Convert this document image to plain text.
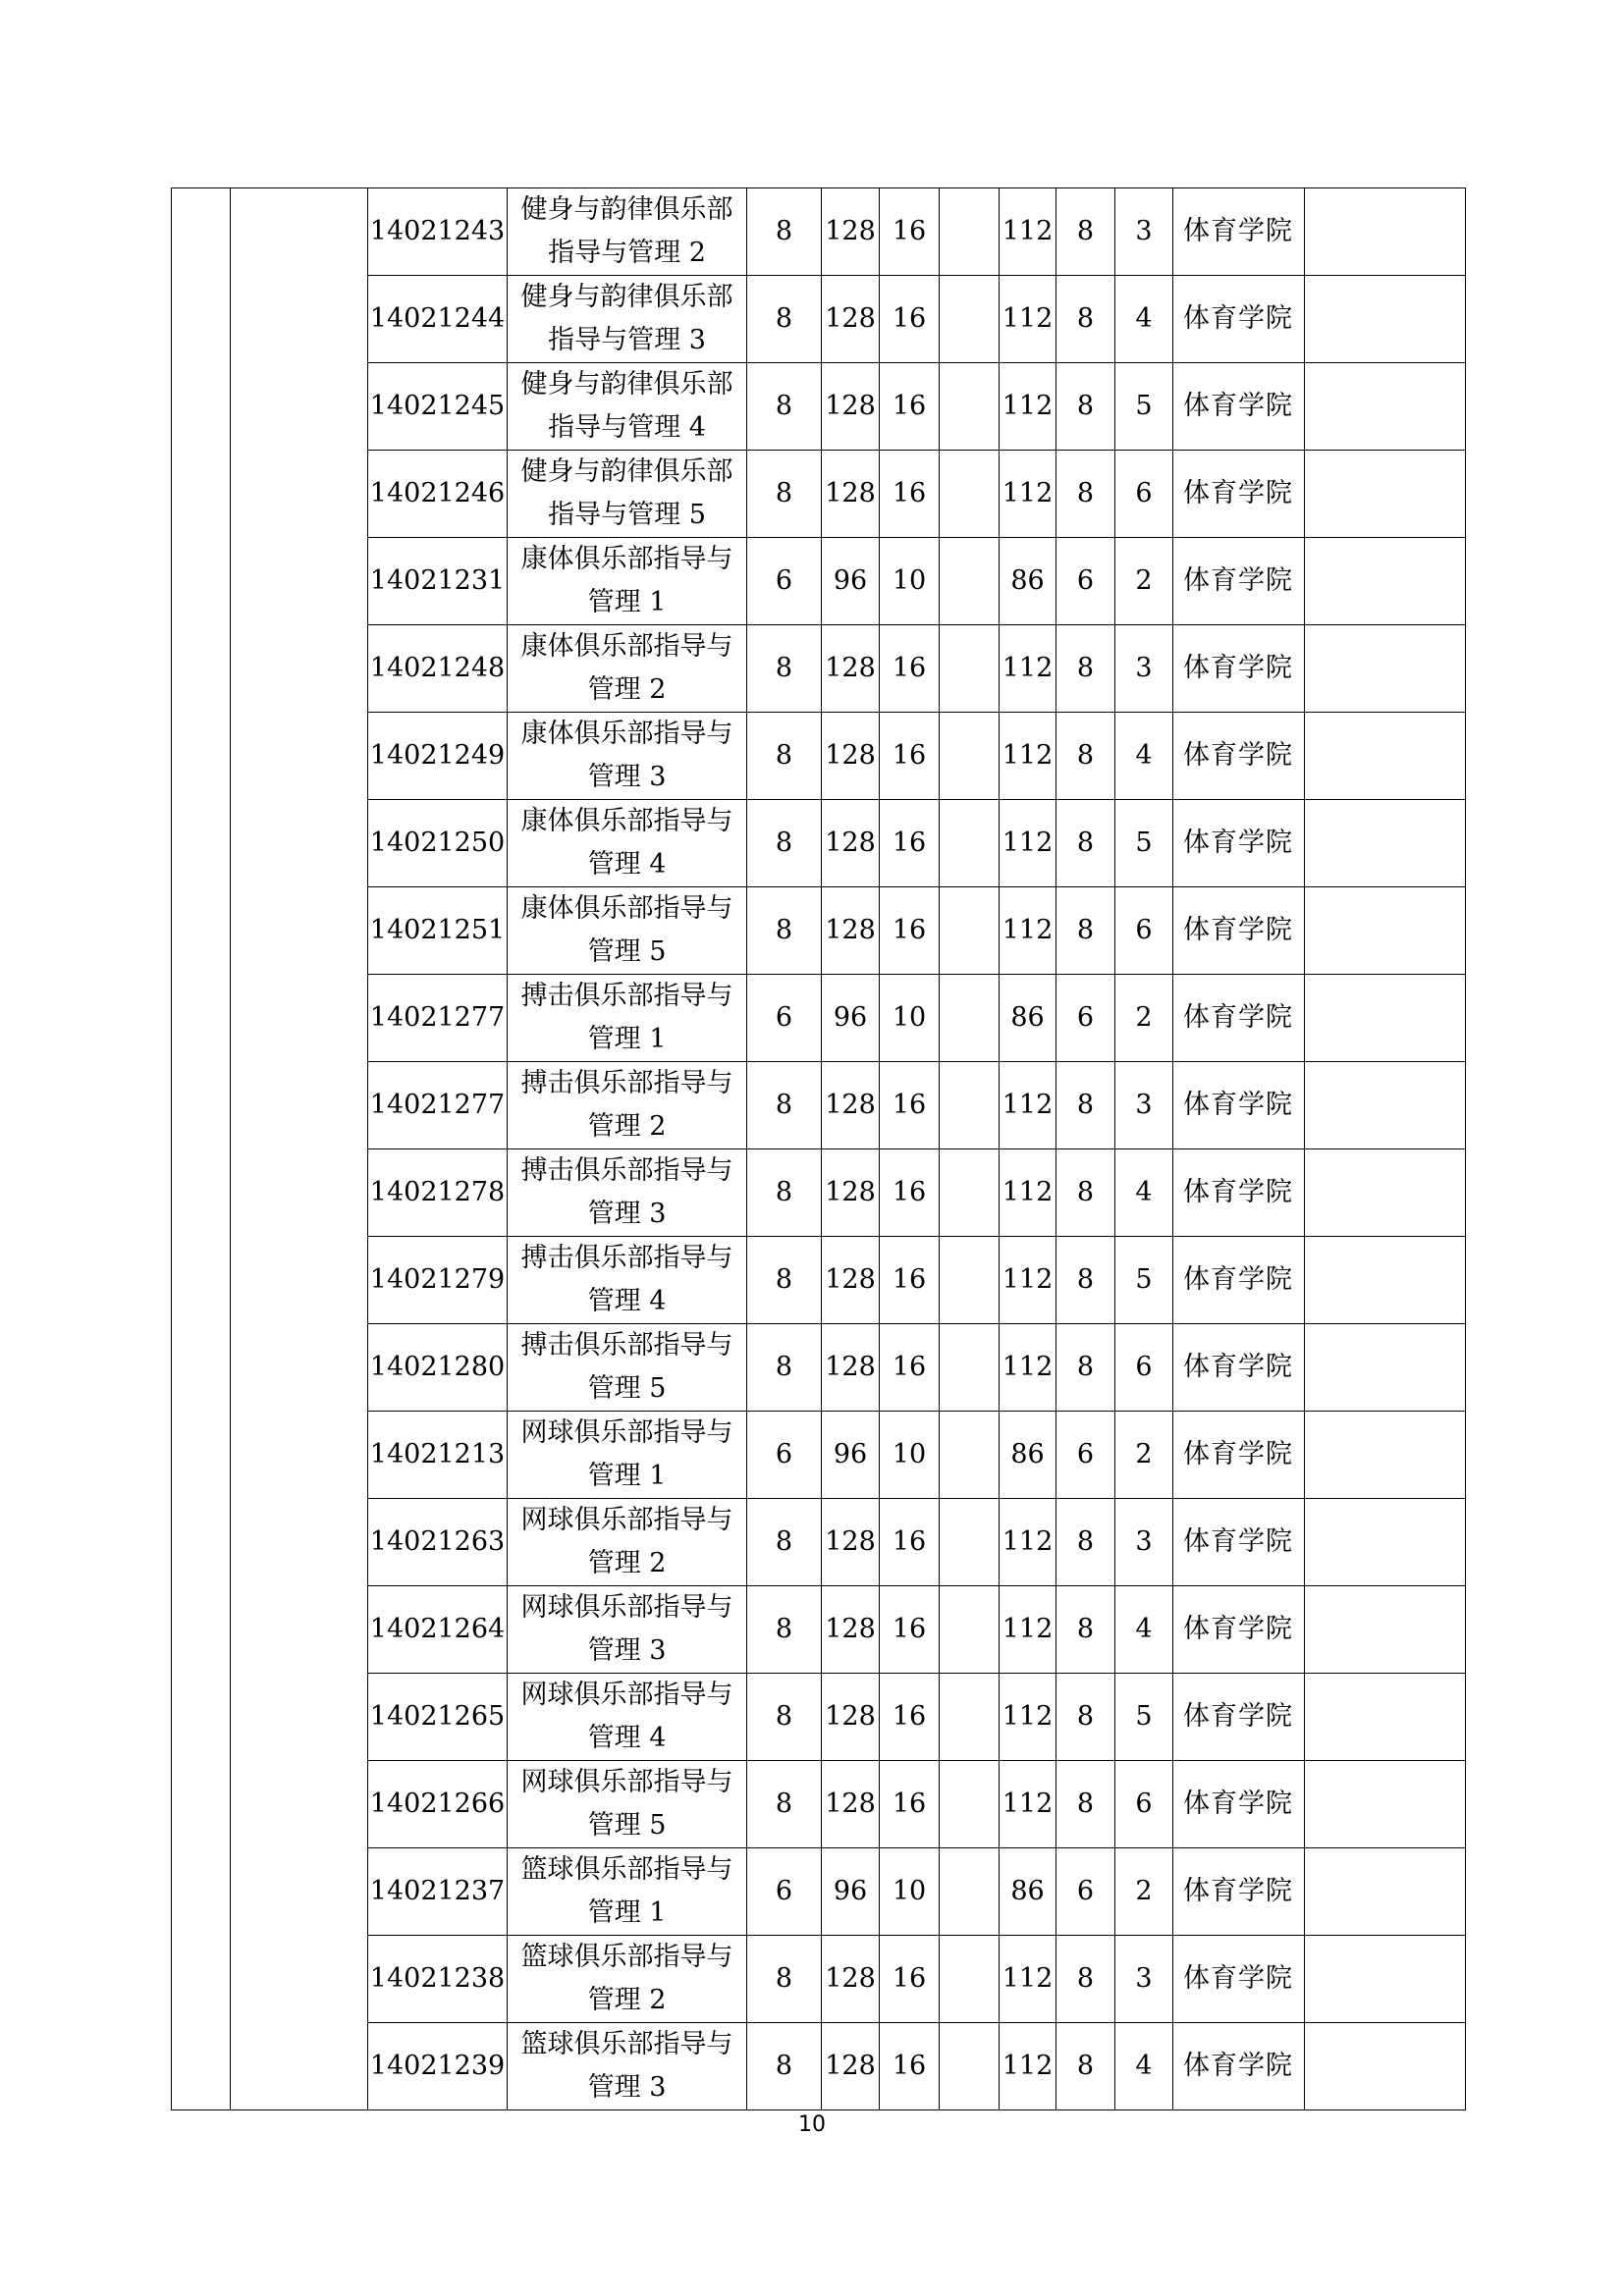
		14021243	健身与韵律俱乐部指导与管理 2	8	128	16		112	8	3	体育学院	
		14021244	健身与韵律俱乐部指导与管理 3	8	128	16		112	8	4	体育学院	
		14021245	健身与韵律俱乐部指导与管理 4	8	128	16		112	8	5	体育学院	
		14021246	健身与韵律俱乐部指导与管理 5	8	128	16		112	8	6	体育学院	
		14021231	康体俱乐部指导与管理 1	6	96	10		86	6	2	体育学院	
		14021248	康体俱乐部指导与管理 2	8	128	16		112	8	3	体育学院	
		14021249	康体俱乐部指导与管理 3	8	128	16		112	8	4	体育学院	
		14021250	康体俱乐部指导与管理 4	8	128	16		112	8	5	体育学院	
		14021251	康体俱乐部指导与管理 5	8	128	16		112	8	6	体育学院	
		14021277	搏击俱乐部指导与管理 1	6	96	10		86	6	2	体育学院	
		14021277	搏击俱乐部指导与管理 2	8	128	16		112	8	3	体育学院	
		14021278	搏击俱乐部指导与管理 3	8	128	16		112	8	4	体育学院	
		14021279	搏击俱乐部指导与管理 4	8	128	16		112	8	5	体育学院	
		14021280	搏击俱乐部指导与管理 5	8	128	16		112	8	6	体育学院	
		14021213	网球俱乐部指导与管理 1	6	96	10		86	6	2	体育学院	
		14021263	网球俱乐部指导与管理 2	8	128	16		112	8	3	体育学院	
		14021264	网球俱乐部指导与管理 3	8	128	16		112	8	4	体育学院	
		14021265	网球俱乐部指导与管理 4	8	128	16		112	8	5	体育学院	
		14021266	网球俱乐部指导与管理 5	8	128	16		112	8	6	体育学院	
		14021237	篮球俱乐部指导与管理 1	6	96	10		86	6	2	体育学院	
		14021238	篮球俱乐部指导与管理 2	8	128	16		112	8	3	体育学院	
		14021239	篮球俱乐部指导与管理 3	8	128	16		112	8	4	体育学院	
10
